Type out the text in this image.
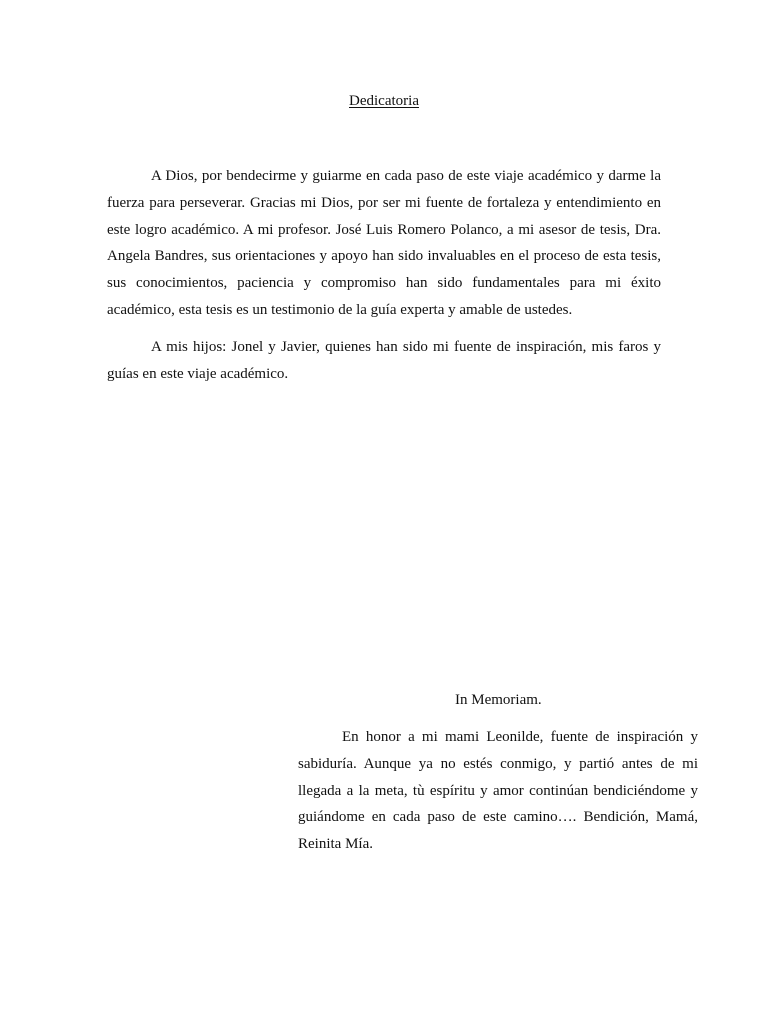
Dedicatoria

A Dios, por bendecirme y guiarme en cada paso de este viaje académico y darme la fuerza para perseverar. Gracias mi Dios, por ser mi fuente de fortaleza y entendimiento en este logro académico. A mi profesor. José Luis Romero Polanco, a mi asesor de tesis, Dra. Angela Bandres, sus orientaciones y apoyo han sido invaluables en el proceso de esta tesis, sus conocimientos, paciencia y compromiso han sido fundamentales para mi éxito académico, esta tesis es un testimonio de la guía experta y amable de ustedes.

A mis hijos: Jonel y Javier, quienes han sido mi fuente de inspiración, mis faros y guías en este viaje académico.

In Memoriam.

En honor a mi mami Leonilde, fuente de inspiración y sabiduría. Aunque ya no estés conmigo, y partió antes de mi llegada a la meta, tù espíritu y amor continúan bendiciéndome y guiándome en cada paso de este camino…. Bendición, Mamá, Reinita Mía.
